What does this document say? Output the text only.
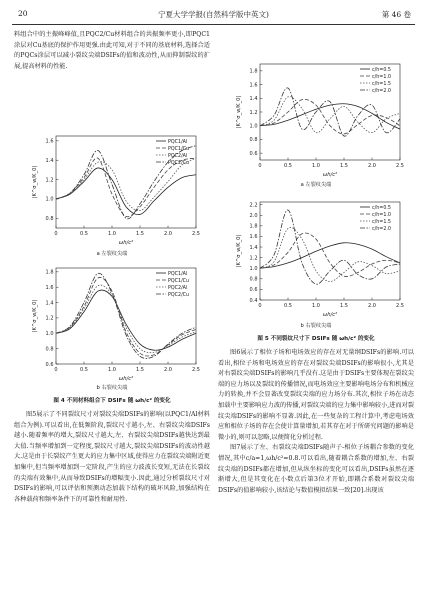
20	宁夏大学学报(自然科学版中英文)	第 46 卷

料组合中的主振峰峰值,且PQC2/Cu材料组合的共振频率更小,即PQC1涂层对Cu基底的保护作用更强.由此可知,对于不同的基底材料,选择合适的PQCs涂层可以减小裂纹尖端DSIFs的值和波动性,从而抑制裂纹的扩展,提高材料的性能.

0	0.5	1.0	1.5	2.0	2.5
0.8
1.0
1.2
1.4
1.6
ωh/c²
|K^σ_w/K_0|
PQC1/Al
PQC1/Cu
PQC2/Al
PQC2/Cu
a 左裂纹尖端
0	0.5	1.0	1.5	2.0	2.5
0.6
0.8
1.0
1.2
1.4
1.6
1.8
ωh/c²
|K^σ_w/K_0|
PQC1/Al
PQC1/Cu
PQC2/Al
PQC2/Cu
b 右裂纹尖端
图 4 不同材料组合下 DSIFs 随 ωh/c² 的变化

图5展示了不同裂纹尺寸对裂纹尖端DSIFs的影响(以PQC1/Al材料组合为例).可以看出,在低频阶段,裂纹尺寸越小,左、右裂纹尖端DSIFs越小.随着频率的增大,裂纹尺寸越大,左、右裂纹尖端DSIFs越快达到最大值.当频率增加到一定程度,裂纹尺寸越大,裂纹尖端DSIFs的波动性越大.这是由于长裂纹产生更大的应力集中区域,使得应力在裂纹尖端附近更加集中,但当频率增加到一定阶段,产生的应力波波长变短,无法在长裂纹的尖端有效集中,从而导致DSIFs的增幅变小.因此,通过分析裂纹尺寸对DSIFs的影响,可以评估和预测动态加载下结构的破坏风险,加强结构在各种载荷和频率条件下的可靠性和耐用性.

0	0.5	1.0	1.5	2.0	2.5
0.6
0.8
1.0
1.2
1.4
1.6
1.8
ωh/c²
|K^σ_w/K_0|
c/h=0.5
c/h=1.0
c/h=1.5
c/h=2.0
a 左裂纹尖端
0	0.5	1.0	1.5	2.0	2.5
0.4
0.6
0.8
1.0
1.2
1.4
1.6
1.8
2.0
2.2
ωh/c²
|K^σ_w/K_0|
c/h=0.5
c/h=1.0
c/h=1.5
c/h=2.0
b 右裂纹尖端
图 5 不同裂纹尺寸下 DSIFs 随 ωh/c² 的变化

图6展示了相位子场和电场效应的存在对无量纲DSIFs的影响.可以看出,相位子场和电场效应的存在对裂纹尖端DSIFs的影响很小,尤其是对右裂纹尖端DSIFs的影响几乎没有.这是由于DSIFs主要体现在裂纹尖端的应力场以及裂纹的传播情况,而电场效应主要影响电场分布和机械应力的转换,并不会显著改变裂纹尖端的应力场分布.其次,相位子场在动态加载中主要影响应力波的传播,对裂纹尖端的应力集中影响较小,进而对裂纹尖端DSIFs的影响不显著.因此,在一些复杂的工程计算中,考虑电场效应和相位子场的存在会使计算量增加,若其存在对于所研究问题的影响是微小的,则可以忽略,以便简化分析过程.

图7展示了左、右裂纹尖端DSIFs随声子-相位子场耦合参数的变化情况,其中c/a=1,ωh/c²=0.8.可以看出,随着耦合系数的增加,左、右裂纹尖端的DSIFs都在增加,但从纵坐标的变化可以看出,DSIFs虽然在逐渐增大,但是其变化在小数点后第3位才开始,即耦合系数对裂纹尖端DSIFs的值影响较小,该结论与数值模拟结果一致[20].出现该
